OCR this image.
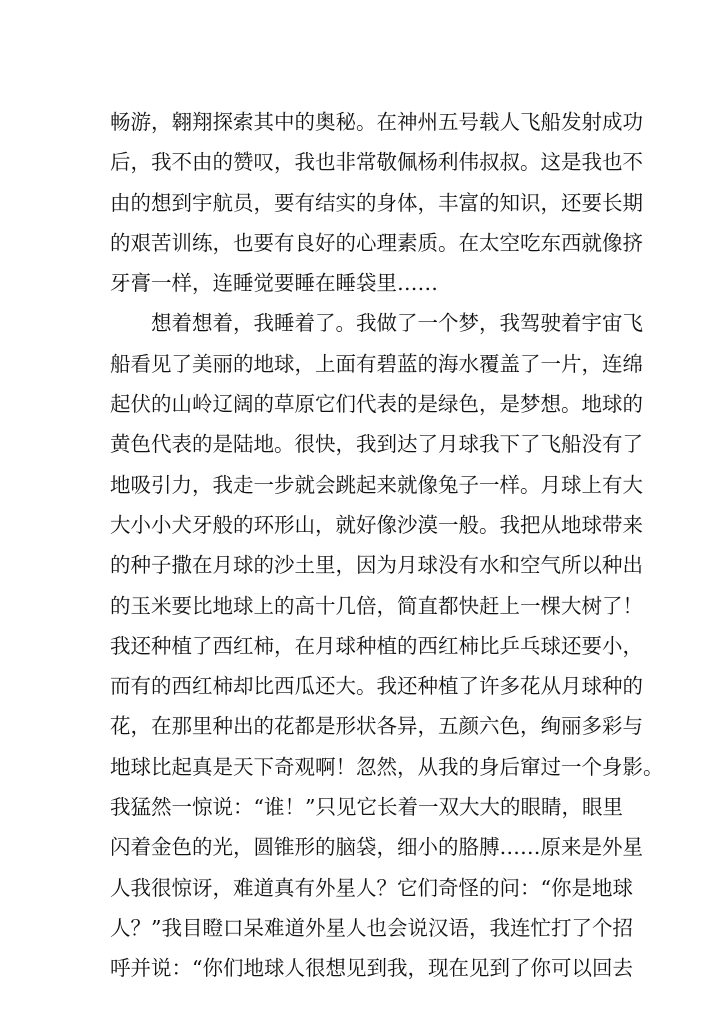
畅游，翱翔探索其中的奥秘。在神州五号载人飞船发射成功
后，我不由的赞叹，我也非常敬佩杨利伟叔叔。这是我也不
由的想到宇航员，要有结实的身体，丰富的知识，还要长期
的艰苦训练，也要有良好的心理素质。在太空吃东西就像挤
牙膏一样，连睡觉要睡在睡袋里……
想着想着，我睡着了。我做了一个梦，我驾驶着宇宙飞
船看见了美丽的地球，上面有碧蓝的海水覆盖了一片，连绵
起伏的山岭辽阔的草原它们代表的是绿色，是梦想。地球的
黄色代表的是陆地。很快，我到达了月球我下了飞船没有了
地吸引力，我走一步就会跳起来就像兔子一样。月球上有大
大小小犬牙般的环形山，就好像沙漠一般。我把从地球带来
的种子撒在月球的沙土里，因为月球没有水和空气所以种出
的玉米要比地球上的高十几倍，简直都快赶上一棵大树了！
我还种植了西红柿，在月球种植的西红柿比乒乓球还要小，
而有的西红柿却比西瓜还大。我还种植了许多花从月球种的
花，在那里种出的花都是形状各异，五颜六色，绚丽多彩与
地球比起真是天下奇观啊！忽然，从我的身后窜过一个身影。
我猛然一惊说：“谁！”只见它长着一双大大的眼睛，眼里
闪着金色的光，圆锥形的脑袋，细小的胳膊……原来是外星
人我很惊讶，难道真有外星人？它们奇怪的问：“你是地球
人？”我目瞪口呆难道外星人也会说汉语，我连忙打了个招
呼并说：“你们地球人很想见到我，现在见到了你可以回去
